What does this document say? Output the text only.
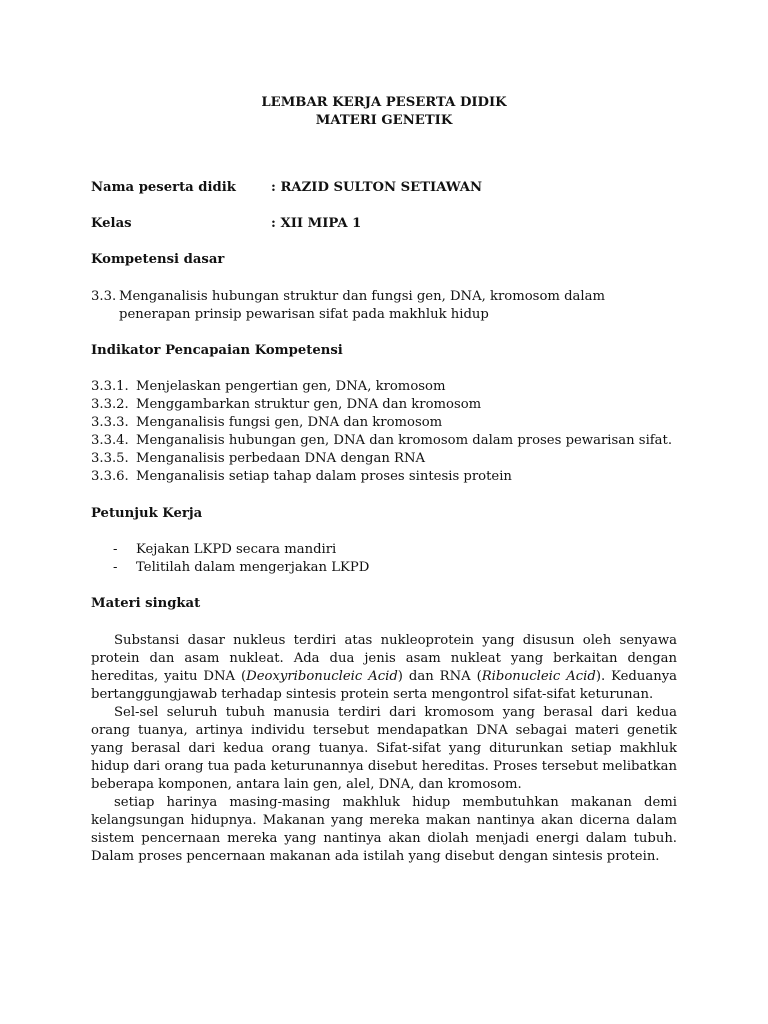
LEMBAR KERJA PESERTA DIDIK

MATERI GENETIK

Nama peserta didik	: RAZID SULTON SETIAWAN
Kelas	: XII MIPA 1
Kompetensi dasar
3.3. Menganalisis hubungan struktur dan fungsi gen, DNA, kromosom dalam penerapan prinsip pewarisan sifat pada makhluk hidup
Indikator Pencapaian Kompetensi
3.3.1. Menjelaskan pengertian gen, DNA, kromosom
3.3.2. Menggambarkan struktur gen, DNA dan kromosom
3.3.3. Menganalisis fungsi gen, DNA dan kromosom
3.3.4. Menganalisis hubungan gen, DNA dan kromosom dalam proses pewarisan sifat.
3.3.5. Menganalisis perbedaan DNA dengan RNA
3.3.6. Menganalisis setiap tahap dalam proses sintesis protein
Petunjuk Kerja
-	Kejakan LKPD secara mandiri
-	Telitilah dalam mengerjakan LKPD
Materi singkat

Substansi dasar nukleus terdiri atas nukleoprotein yang disusun oleh senyawa protein dan asam nukleat. Ada dua jenis asam nukleat yang berkaitan dengan hereditas, yaitu DNA (Deoxyribonucleic Acid) dan RNA (Ribonucleic Acid). Keduanya bertanggungjawab terhadap sintesis protein serta mengontrol sifat-sifat keturunan.

Sel-sel seluruh tubuh manusia terdiri dari kromosom yang berasal dari kedua orang tuanya, artinya individu tersebut mendapatkan DNA sebagai materi genetik yang berasal dari kedua orang tuanya. Sifat-sifat yang diturunkan setiap makhluk hidup dari orang tua pada keturunannya disebut hereditas. Proses tersebut melibatkan beberapa komponen, antara lain gen, alel, DNA, dan kromosom.

setiap harinya masing-masing makhluk hidup membutuhkan makanan demi kelangsungan hidupnya. Makanan yang mereka makan nantinya akan dicerna dalam sistem pencernaan mereka yang nantinya akan diolah menjadi energi dalam tubuh. Dalam proses pencernaan makanan ada istilah yang disebut dengan sintesis protein.
